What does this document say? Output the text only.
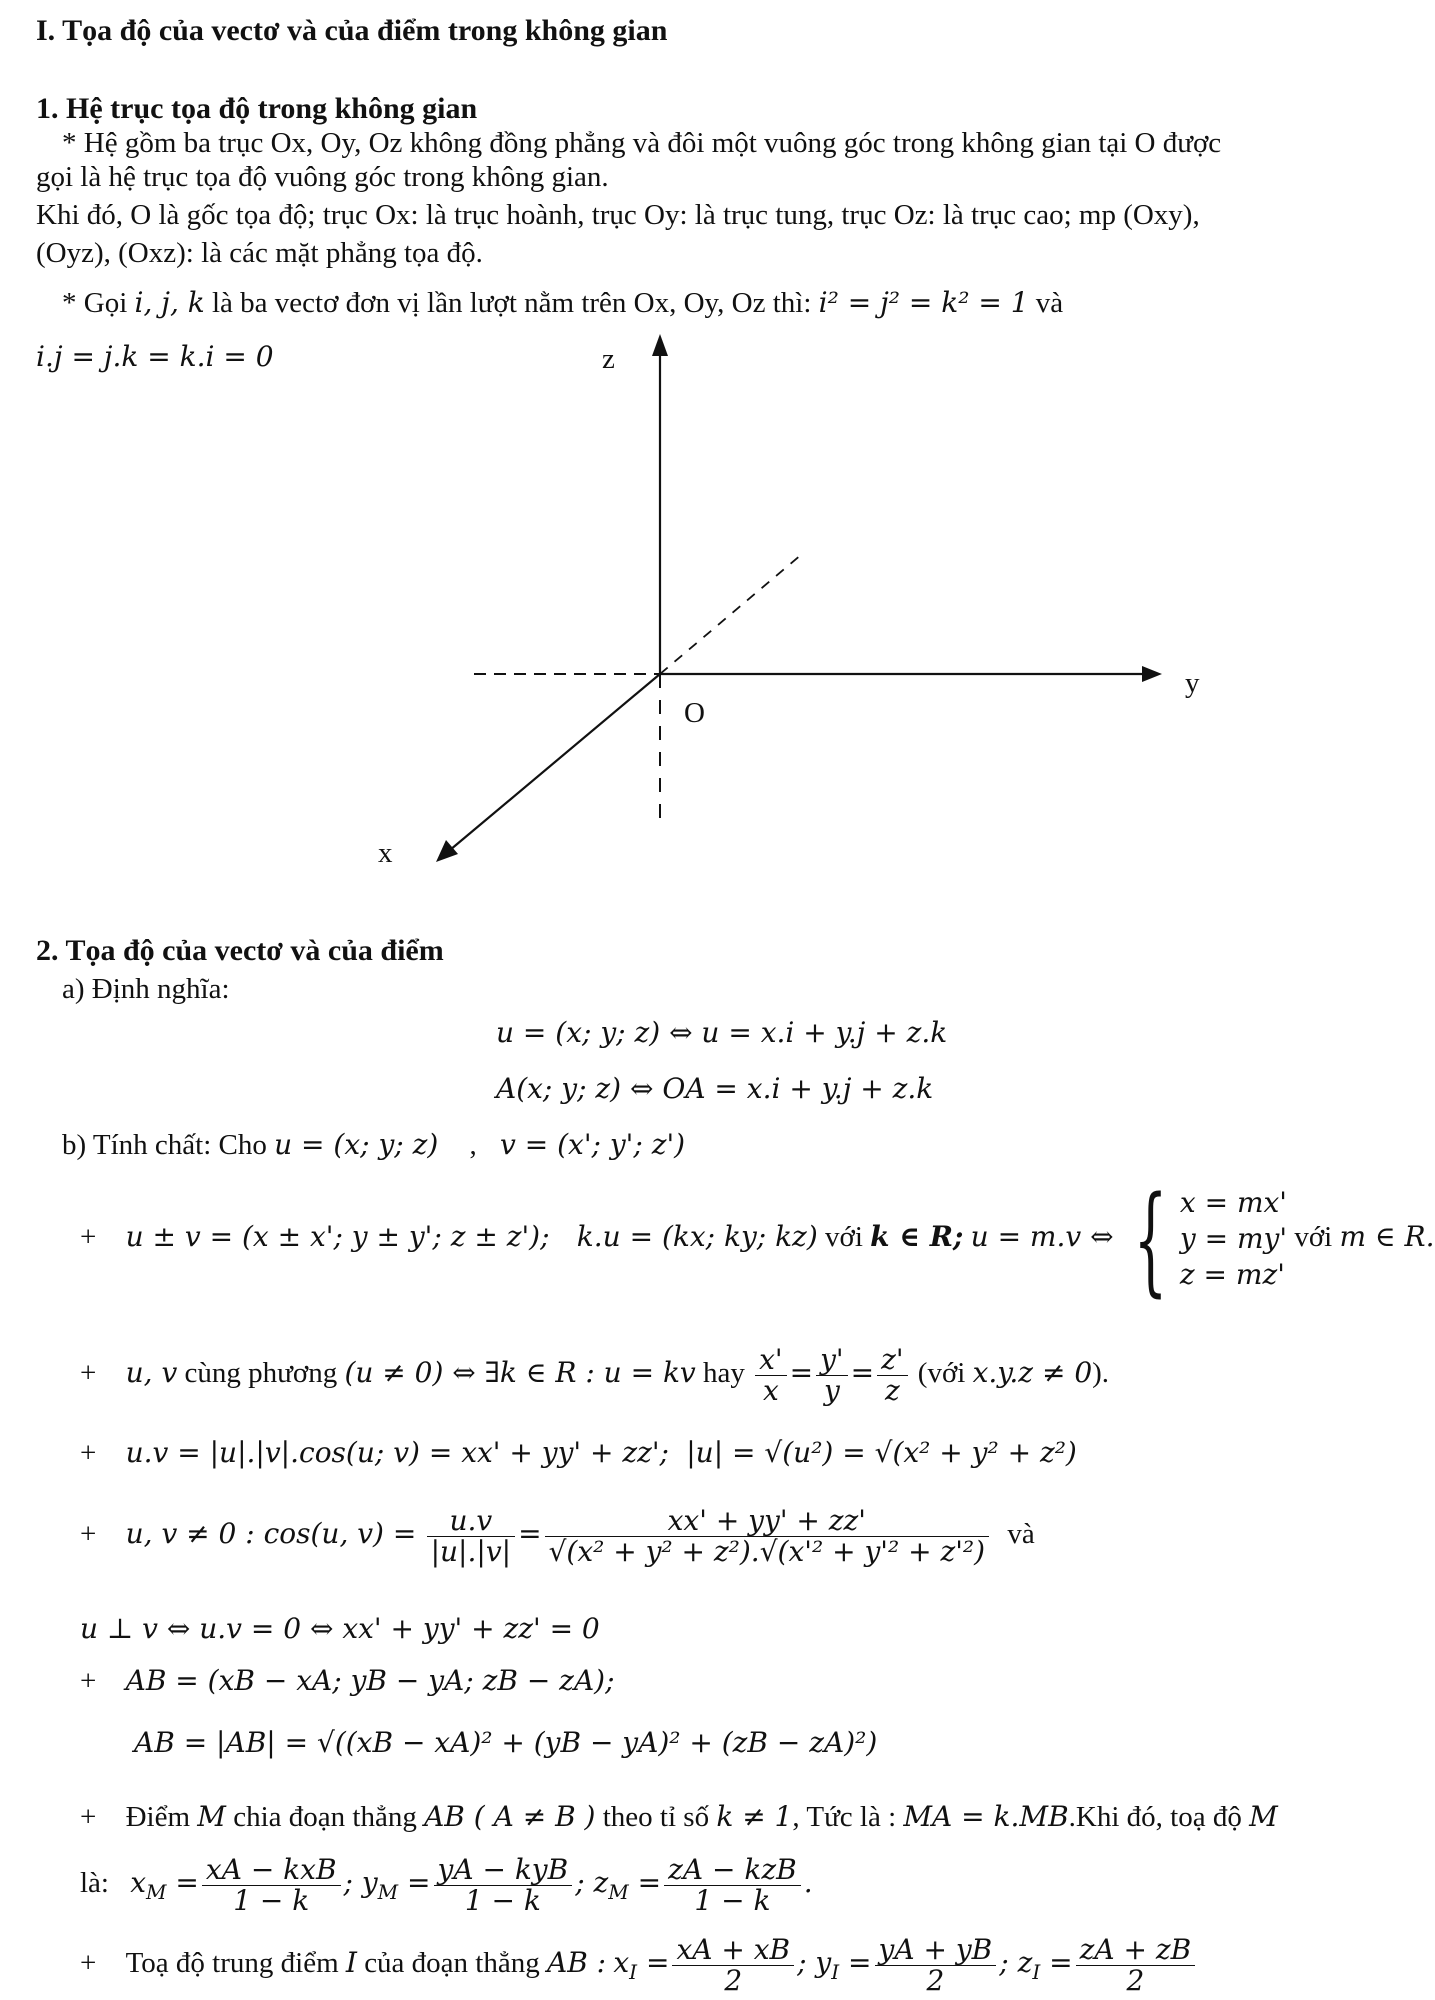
I. Tọa độ của vectơ và của điểm trong không gian
1. Hệ trục tọa độ trong không gian
* Hệ gồm ba trục Ox, Oy, Oz không đồng phẳng và đôi một vuông góc trong không gian tại O được
gọi là hệ trục tọa độ vuông góc trong không gian.
Khi đó, O là gốc tọa độ; trục Ox: là trục hoành, trục Oy: là trục tung, trục Oz: là trục cao; mp (Oxy),
(Oyz), (Oxz): là các mặt phẳng tọa độ.
* Gọi i, j, k là ba vectơ đơn vị lần lượt nằm trên Ox, Oy, Oz thì: i² = j² = k² = 1 và
i.j = j.k = k.i = 0	z
y
x
O
2. Tọa độ của vectơ và của điểm
a) Định nghĩa:
u = (x; y; z) ⇔ u = x.i + y.j + z.k
A(x; y; z) ⇔ OA = x.i + y.j + z.k
b) Tính chất: Cho u = (x; y; z) , v = (x'; y'; z')
+ u ± v = (x ± x'; y ± y'; z ± z'); k.u = (kx; ky; kz) với k ∈ R; u = m.v ⇔ { x = mx'
y = my'
z = mz'
với m ∈ R.
+ u, v cùng phương (u ≠ 0) ⇔ ∃k ∈ R : u = kv hay $\frac{x'}{x} = \frac{y'}{y} = \frac{z'}{z}$ (với x.y.z ≠ 0).
+ u.v = |u|.|v|.cos(u; v) = xx' + yy' + zz'; |u| = √(u²) = √(x² + y² + z²)
+ u, v ≠ 0 : cos(u, $v) = \frac{u.v}{|u|.|v|} = \frac{xx' + yy' + zz'}{\text{√(x² + y² + z²).√(x'² + y'² + z'²)}}$ và
u ⊥ v ⇔ u.v = 0 ⇔ xx' + yy' + zz' = 0
+ AB = (xB − xA; yB − yA; zB − zA);
AB = |AB| = √((xB − xA)² + (yB − yA)² + (zB − zA)²)
+ Điểm M chia đoạn thẳng AB ( A ≠ B ) theo tỉ số k ≠ 1, Tức là : MA = k.MB.Khi đó, toạ độ M
là: $x_M = \frac{\text{xA − kxB}}{1 - k}$ ; $y_M = \frac{\text{yA − kyB}}{1 - k}$ ; $z_M = \frac{\text{zA − kzB}}{1 - k}$ .
+ Toạ độ trung điểm I của đoạn thẳng AB : $x_I = \frac{xA + xB}{2}$ ; $y_I = \frac{yA + yB}{2}$ ; $z_I = \frac{zA + zB}{2}$
